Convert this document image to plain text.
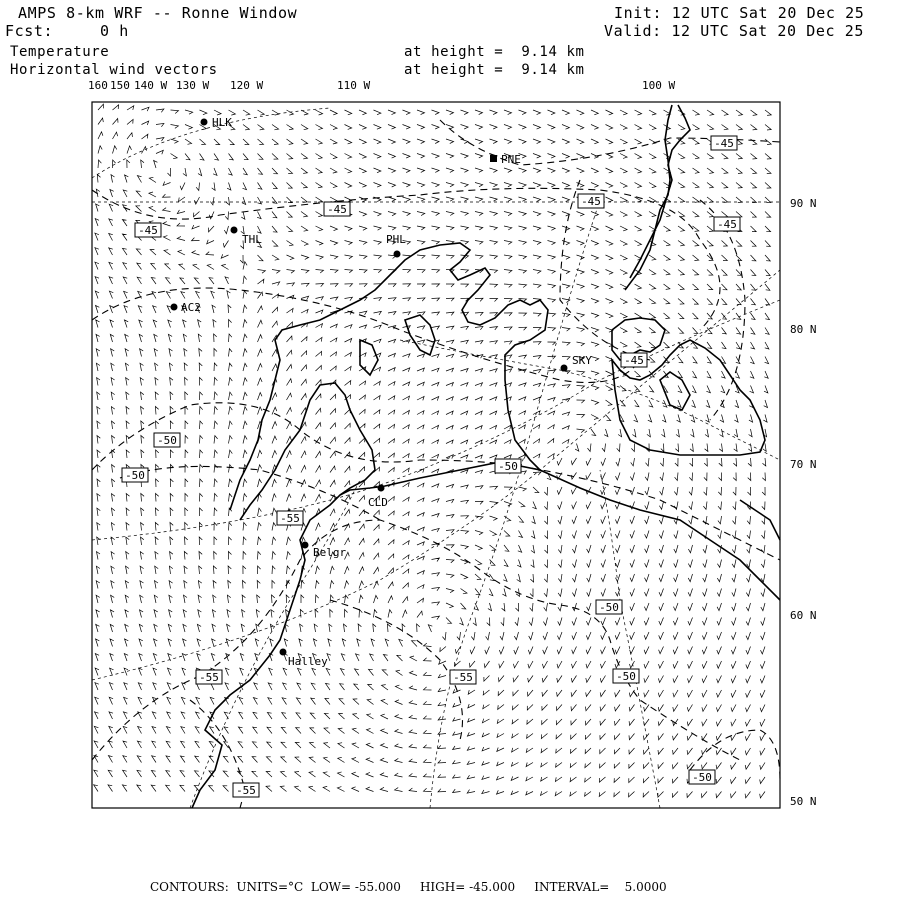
AMPS 8-km WRF -- Ronne Window	Init: 12 UTC Sat 20 Dec 25
Fcst:	0 h	Valid: 12 UTC Sat 20 Dec 25
Temperature	at height =  9.14 km
Horizontal wind vectors	at height =  9.14 km
160 150 140 W 130 W 120 W	110 W	100 W
90 N
80 N
70 N
60 N
50 N
HLK
PNE
THL	PHL
AC2
SKY
CLD
Belgr
Halley
-45
-45
-45
-45	-45
-45
-50
-50
-50
-55
-50
-55	-55	-50
-50
-55
CONTOURS:  UNITS=°C  LOW= -55.000     HIGH= -45.000     INTERVAL=    5.0000
